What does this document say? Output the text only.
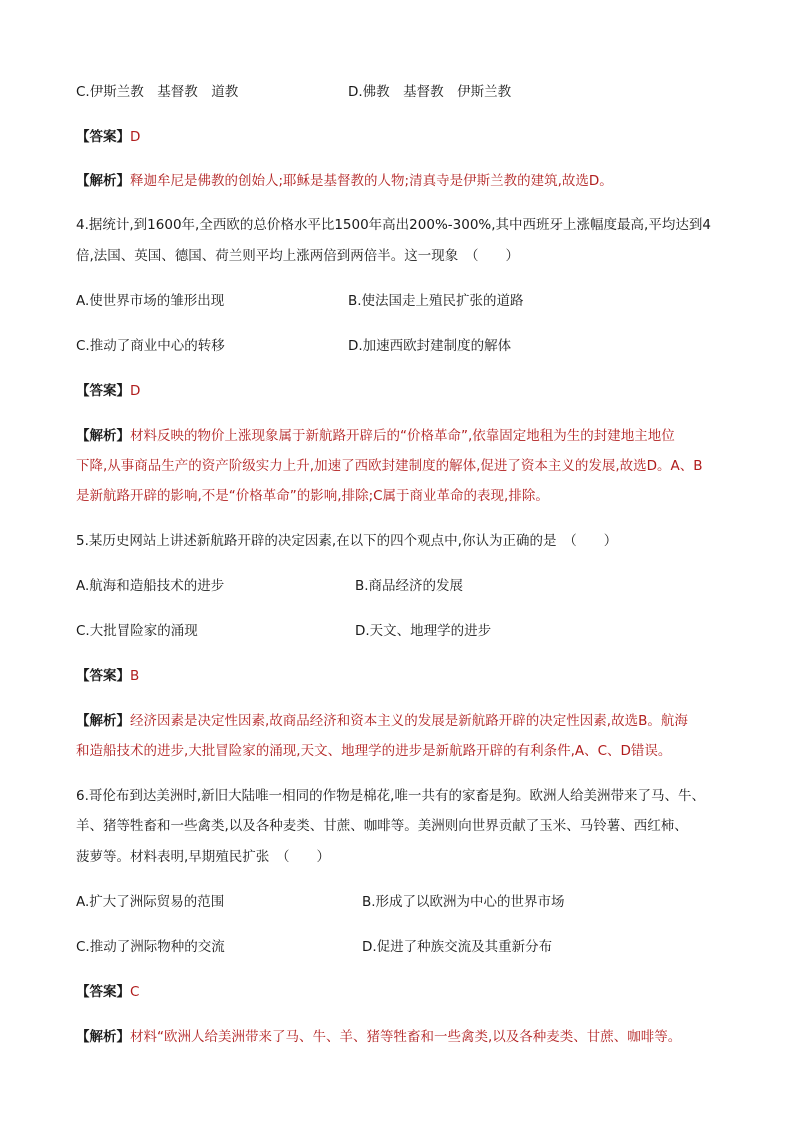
C.伊斯兰教　基督教　道教	D.佛教　基督教　伊斯兰教
【答案】D
【解析】释迦牟尼是佛教的创始人;耶稣是基督教的人物;清真寺是伊斯兰教的建筑,故选D。
4.据统计,到1600年,全西欧的总价格水平比1500年高出200%-300%,其中西班牙上涨幅度最高,平均达到4
倍,法国、英国、德国、荷兰则平均上涨两倍到两倍半。这一现象　（　　）
A.使世界市场的雏形出现	B.使法国走上殖民扩张的道路
C.推动了商业中心的转移	D.加速西欧封建制度的解体
【答案】D
【解析】材料反映的物价上涨现象属于新航路开辟后的“价格革命”,依靠固定地租为生的封建地主地位
下降,从事商品生产的资产阶级实力上升,加速了西欧封建制度的解体,促进了资本主义的发展,故选D。A、B
是新航路开辟的影响,不是“价格革命”的影响,排除;C属于商业革命的表现,排除。
5.某历史网站上讲述新航路开辟的决定因素,在以下的四个观点中,你认为正确的是　（　　）
A.航海和造船技术的进步	B.商品经济的发展
C.大批冒险家的涌现	D.天文、地理学的进步
【答案】B
【解析】经济因素是决定性因素,故商品经济和资本主义的发展是新航路开辟的决定性因素,故选B。航海
和造船技术的进步,大批冒险家的涌现,天文、地理学的进步是新航路开辟的有利条件,A、C、D错误。
6.哥伦布到达美洲时,新旧大陆唯一相同的作物是棉花,唯一共有的家畜是狗。欧洲人给美洲带来了马、牛、
羊、猪等牲畜和一些禽类,以及各种麦类、甘蔗、咖啡等。美洲则向世界贡献了玉米、马铃薯、西红柿、
菠萝等。材料表明,早期殖民扩张　（　　）
A.扩大了洲际贸易的范围	B.形成了以欧洲为中心的世界市场
C.推动了洲际物种的交流	D.促进了种族交流及其重新分布
【答案】C
【解析】材料“欧洲人给美洲带来了马、牛、羊、猪等牲畜和一些禽类,以及各种麦类、甘蔗、咖啡等。
